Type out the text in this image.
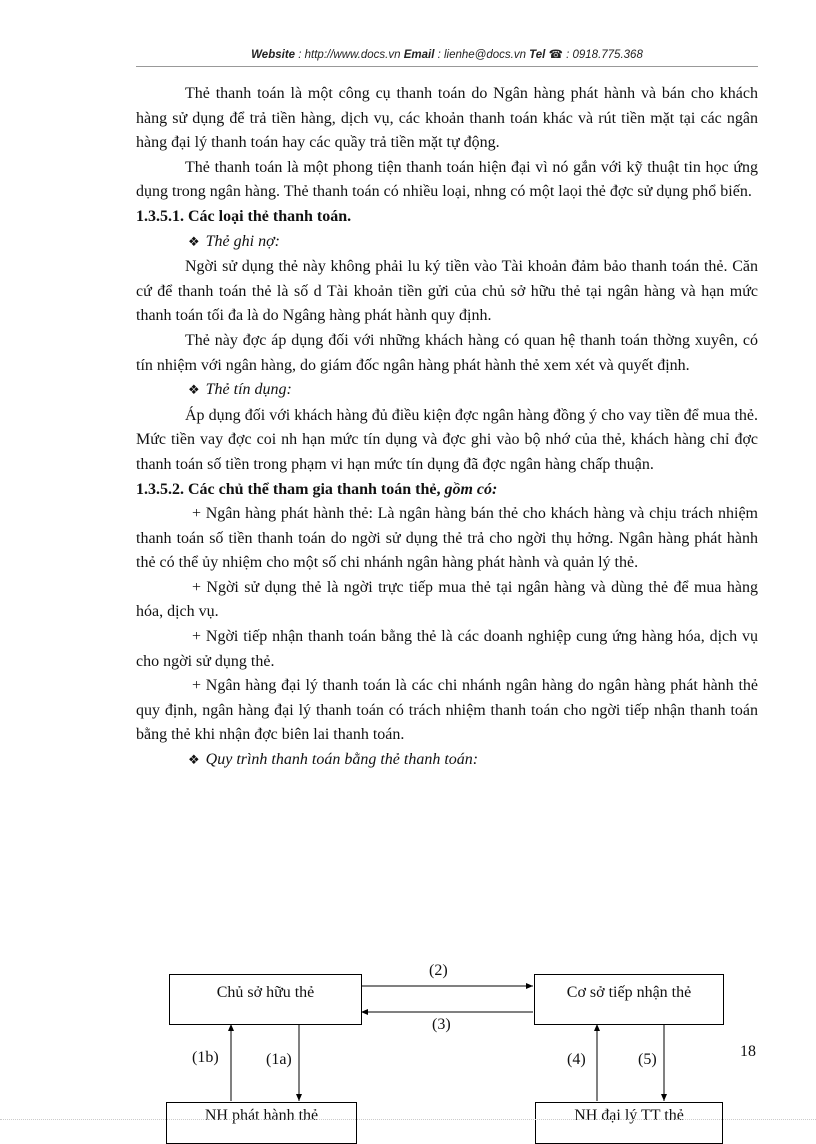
Website : http://www.docs.vn Email : lienhe@docs.vn Tel ☎ : 0918.775.368

Thẻ thanh toán là một công cụ thanh toán do Ngân hàng phát hành và bán cho khách hàng sử dụng để trả tiền hàng, dịch vụ, các khoản thanh toán khác và rút tiền mặt tại các ngân hàng đại lý thanh toán hay các quầy trả tiền mặt tự động.

Thẻ thanh toán là một phong tiện thanh toán hiện đại vì nó gắn với kỹ thuật tin học ứng dụng trong ngân hàng. Thẻ thanh toán có nhiều loại, nhng có một laọi thẻ đợc sử dụng phổ biến.

1.3.5.1. Các loại thẻ thanh toán.

❖ Thẻ ghi nợ:

Ngời sử dụng thẻ này không phải lu ký tiền vào Tài khoản đảm bảo thanh toán thẻ. Căn cứ để thanh toán thẻ là số d Tài khoản tiền gửi của chủ sở hữu thẻ tại ngân hàng và hạn mức thanh toán tối đa là do Ngâng hàng phát hành quy định.

Thẻ này đợc áp dụng đối với những khách hàng có quan hệ thanh toán thờng xuyên, có tín nhiệm với ngân hàng, do giám đốc ngân hàng phát hành thẻ xem xét và quyết định.

❖ Thẻ tín dụng:

Áp dụng đối với khách hàng đủ điều kiện đợc ngân hàng đồng ý cho vay tiền để mua thẻ. Mức tiền vay đợc coi nh hạn mức tín dụng và đợc ghi vào bộ nhớ của thẻ, khách hàng chỉ đợc thanh toán số tiền trong phạm vi hạn mức tín dụng đã đợc ngân hàng chấp thuận.

1.3.5.2. Các chủ thể tham gia thanh toán thẻ, gồm có:

+ Ngân hàng phát hành thẻ: Là ngân hàng bán thẻ cho khách hàng và chịu trách nhiệm thanh toán số tiền thanh toán do ngời sử dụng thẻ trả cho ngời thụ hởng. Ngân hàng phát hành thẻ có thể ủy nhiệm cho một số chi nhánh ngân hàng phát hành và quản lý thẻ.

+ Ngời sử dụng thẻ là ngời trực tiếp mua thẻ tại ngân hàng và dùng thẻ để mua hàng hóa, dịch vụ.

+ Ngời tiếp nhận thanh toán bằng thẻ là các doanh nghiệp cung ứng hàng hóa, dịch vụ cho ngời sử dụng thẻ.

+ Ngân hàng đại lý thanh toán là các chi nhánh ngân hàng do ngân hàng phát hành thẻ quy định, ngân hàng đại lý thanh toán có trách nhiệm thanh toán cho ngời tiếp nhận thanh toán bằng thẻ khi nhận đợc biên lai thanh toán.

❖ Quy trình thanh toán bằng thẻ thanh toán:

Chủ sở hữu thẻ	Cơ sở tiếp nhận thẻ
NH phát hành thẻ	NH đại lý TT thẻ
(2)
(3)
(1b)	(1a)	(4)	(5)	18
